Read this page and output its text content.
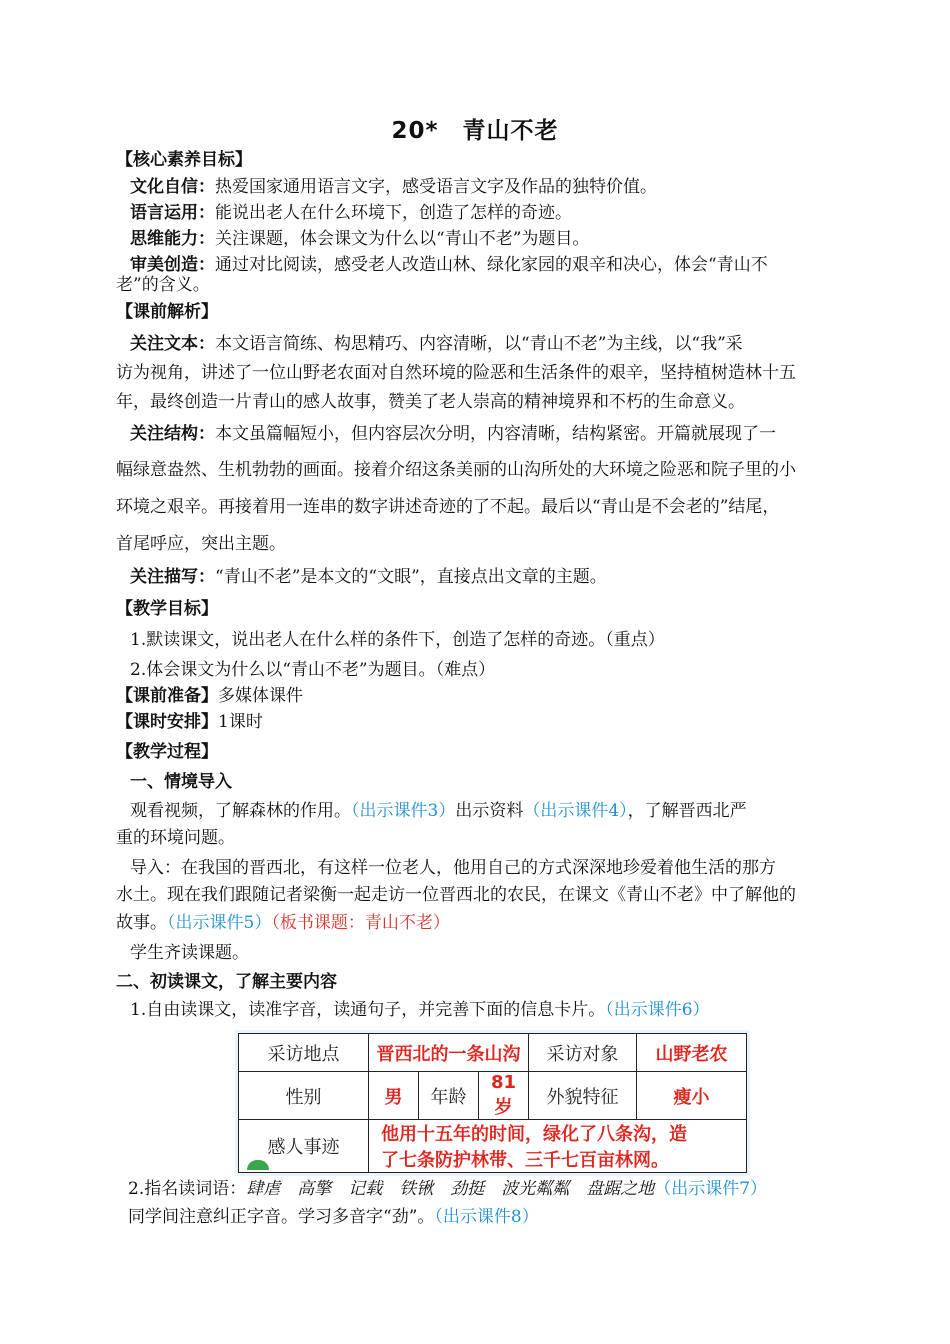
20*　青山不老
【核心素养目标】
文化自信：热爱国家通用语言文字，感受语言文字及作品的独特价值。
语言运用：能说出老人在什么环境下，创造了怎样的奇迹。
思维能力：关注课题，体会课文为什么以“青山不老”为题目。
审美创造：通过对比阅读，感受老人改造山林、绿化家园的艰辛和决心，体会“青山不
老”的含义。
【课前解析】
关注文本：本文语言简练、构思精巧、内容清晰，以“青山不老”为主线，以“我”采
访为视角，讲述了一位山野老农面对自然环境的险恶和生活条件的艰辛，坚持植树造林十五
年，最终创造一片青山的感人故事，赞美了老人崇高的精神境界和不朽的生命意义。
关注结构：本文虽篇幅短小，但内容层次分明，内容清晰，结构紧密。开篇就展现了一
幅绿意盎然、生机勃勃的画面。接着介绍这条美丽的山沟所处的大环境之险恶和院子里的小
环境之艰辛。再接着用一连串的数字讲述奇迹的了不起。最后以“青山是不会老的”结尾，
首尾呼应，突出主题。
关注描写：“青山不老”是本文的“文眼”，直接点出文章的主题。
【教学目标】
1.默读课文，说出老人在什么样的条件下，创造了怎样的奇迹。（重点）
2.体会课文为什么以“青山不老”为题目。（难点）
【课前准备】多媒体课件
【课时安排】1课时
【教学过程】
一、情境导入
观看视频，了解森林的作用。（出示课件3）出示资料（出示课件4），了解晋西北严
重的环境问题。
导入：在我国的晋西北，有这样一位老人，他用自己的方式深深地珍爱着他生活的那方
水土。现在我们跟随记者梁衡一起走访一位晋西北的农民，在课文《青山不老》中了解他的
故事。（出示课件5）（板书课题：青山不老）
学生齐读课题。
二、初读课文，了解主要内容
1.自由读课文，读准字音，读通句子，并完善下面的信息卡片。（出示课件6）
采访地点	晋西北的一条山沟			采访对象	山野老农
性别	男	年龄	81岁	外貌特征	瘦小
感人事迹	他用十五年的时间，绿化了八条沟，造
了七条防护林带、三千七百亩林网。				
2.指名读词语：肆虐　高擎　记载　铁锹　劲挺　波光粼粼　盘踞之地（出示课件7）
同学间注意纠正字音。学习多音字“劲”。（出示课件8）
